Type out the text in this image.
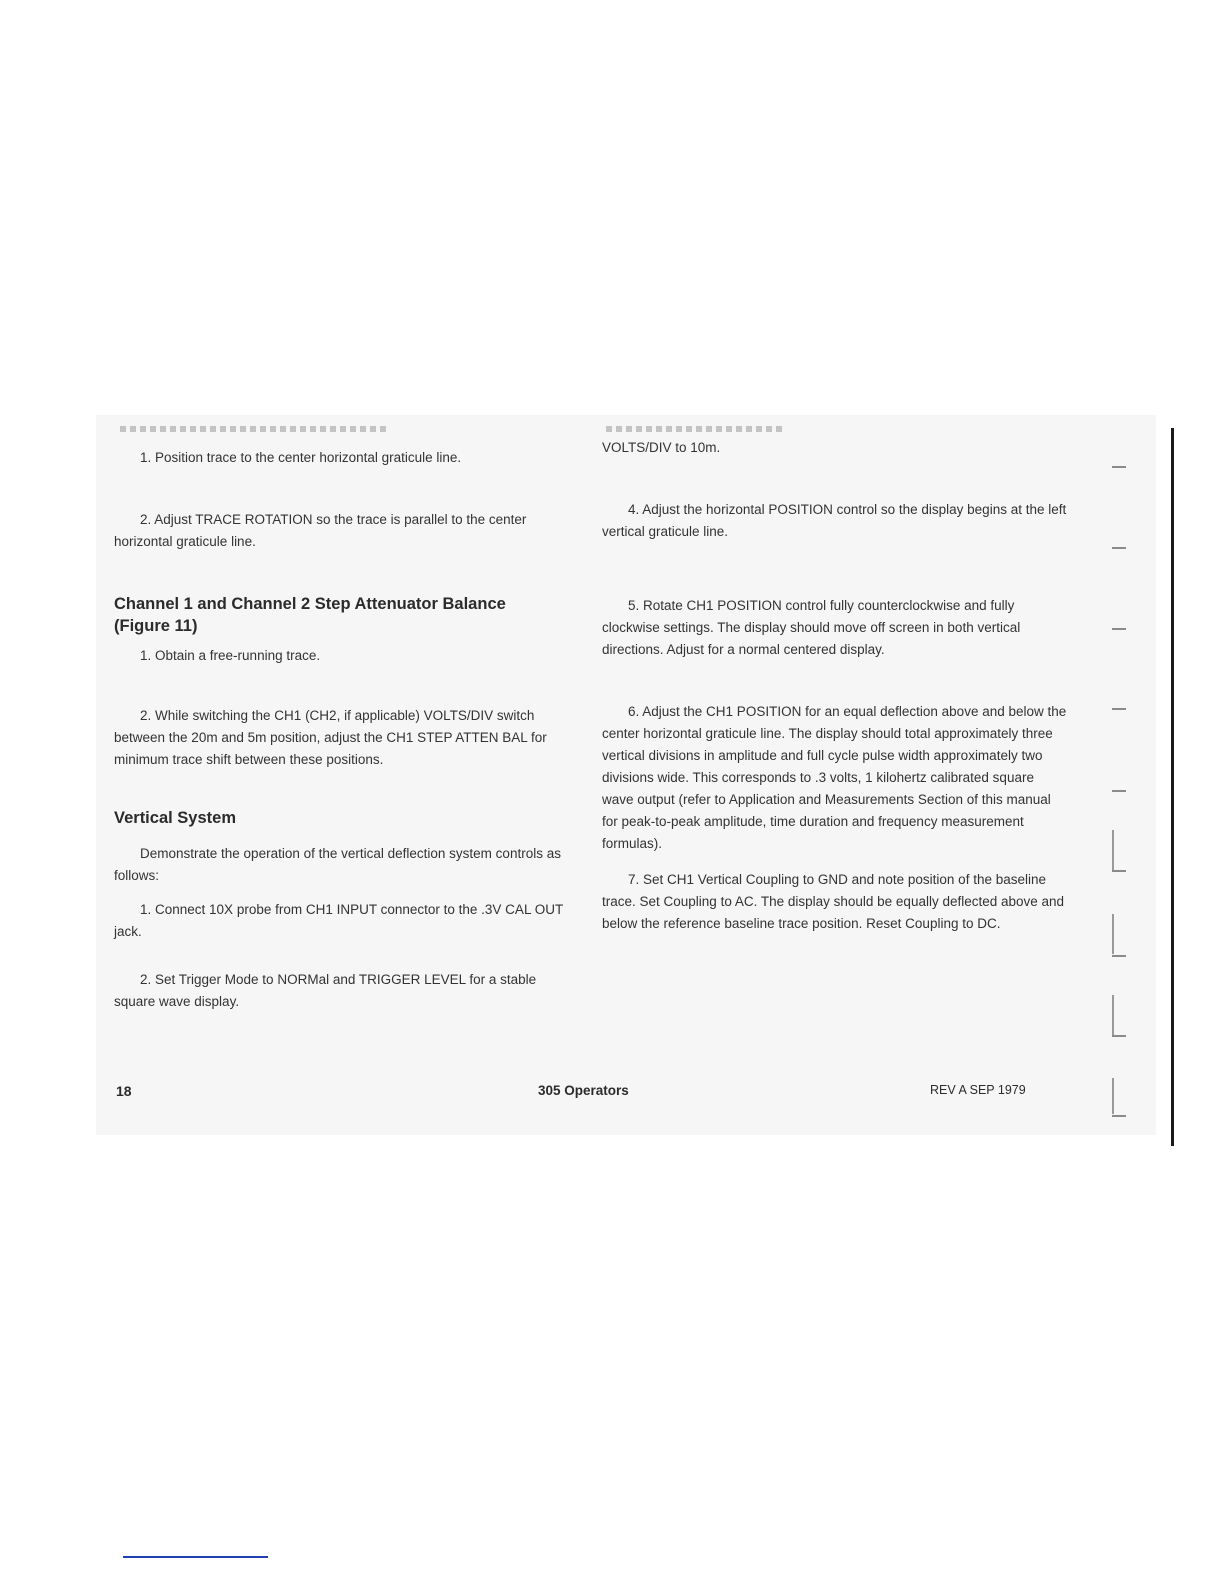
1. Position trace to the center horizontal graticule line.

2. Adjust TRACE ROTATION so the trace is parallel to the center horizontal graticule line.

Channel 1 and Channel 2 Step Attenuator Balance (Figure 11)

1. Obtain a free-running trace.

2. While switching the CH1 (CH2, if applicable) VOLTS/DIV switch between the 20m and 5m position, adjust the CH1 STEP ATTEN BAL for minimum trace shift between these positions.

Vertical System

Demonstrate the operation of the vertical deflection system controls as follows:

1. Connect 10X probe from CH1 INPUT connector to the .3V CAL OUT jack.

2. Set Trigger Mode to NORMal and TRIGGER LEVEL for a stable square wave display.

VOLTS/DIV to 10m.

4. Adjust the horizontal POSITION control so the display begins at the left vertical graticule line.

5. Rotate CH1 POSITION control fully counterclockwise and fully clockwise settings. The display should move off screen in both vertical directions. Adjust for a normal centered display.

6. Adjust the CH1 POSITION for an equal deflection above and below the center horizontal graticule line. The display should total approximately three vertical divisions in amplitude and full cycle pulse width approximately two divisions wide. This corresponds to .3 volts, 1 kilohertz calibrated square wave output (refer to Application and Measurements Section of this manual for peak-to-peak amplitude, time duration and frequency measurement formulas).

7. Set CH1 Vertical Coupling to GND and note position of the baseline trace. Set Coupling to AC. The display should be equally deflected above and below the reference baseline trace position. Reset Coupling to DC.

18	305 Operators	REV A SEP 1979
